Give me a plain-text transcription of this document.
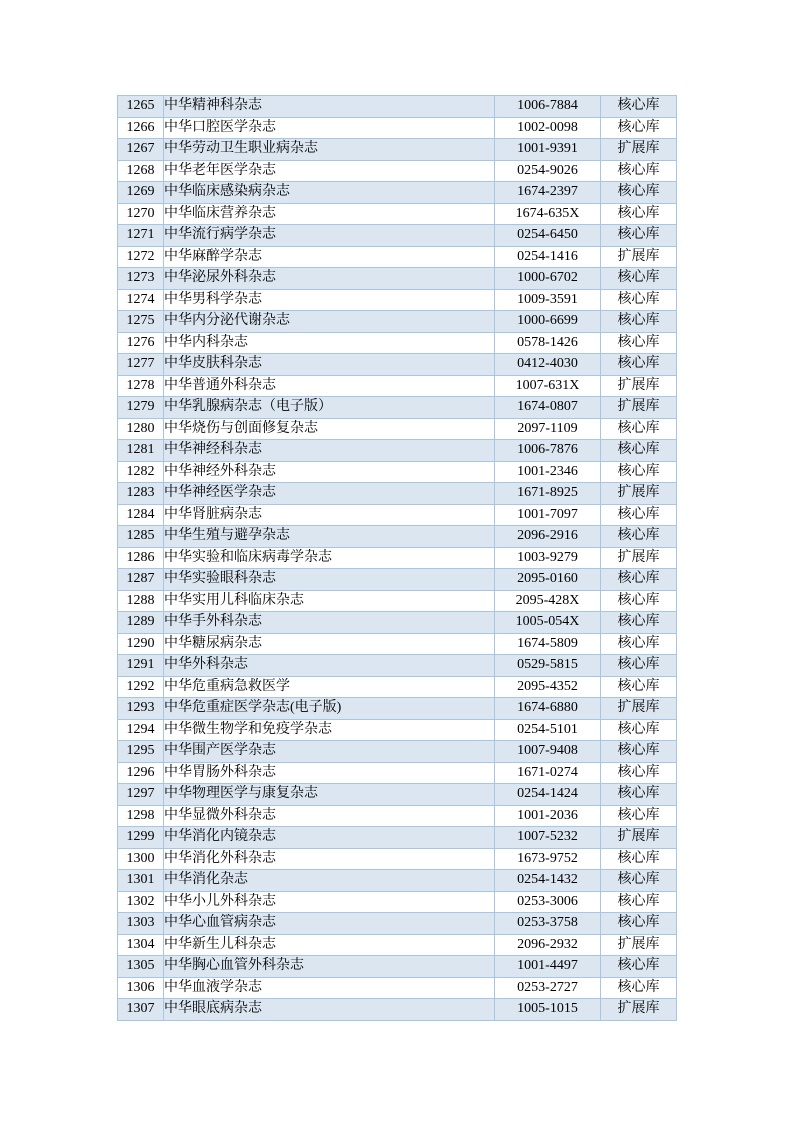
1265	中华精神科杂志	1006-7884	核心库
1266	中华口腔医学杂志	1002-0098	核心库
1267	中华劳动卫生职业病杂志	1001-9391	扩展库
1268	中华老年医学杂志	0254-9026	核心库
1269	中华临床感染病杂志	1674-2397	核心库
1270	中华临床营养杂志	1674-635X	核心库
1271	中华流行病学杂志	0254-6450	核心库
1272	中华麻醉学杂志	0254-1416	扩展库
1273	中华泌尿外科杂志	1000-6702	核心库
1274	中华男科学杂志	1009-3591	核心库
1275	中华内分泌代谢杂志	1000-6699	核心库
1276	中华内科杂志	0578-1426	核心库
1277	中华皮肤科杂志	0412-4030	核心库
1278	中华普通外科杂志	1007-631X	扩展库
1279	中华乳腺病杂志（电子版）	1674-0807	扩展库
1280	中华烧伤与创面修复杂志	2097-1109	核心库
1281	中华神经科杂志	1006-7876	核心库
1282	中华神经外科杂志	1001-2346	核心库
1283	中华神经医学杂志	1671-8925	扩展库
1284	中华肾脏病杂志	1001-7097	核心库
1285	中华生殖与避孕杂志	2096-2916	核心库
1286	中华实验和临床病毒学杂志	1003-9279	扩展库
1287	中华实验眼科杂志	2095-0160	核心库
1288	中华实用儿科临床杂志	2095-428X	核心库
1289	中华手外科杂志	1005-054X	核心库
1290	中华糖尿病杂志	1674-5809	核心库
1291	中华外科杂志	0529-5815	核心库
1292	中华危重病急救医学	2095-4352	核心库
1293	中华危重症医学杂志(电子版)	1674-6880	扩展库
1294	中华微生物学和免疫学杂志	0254-5101	核心库
1295	中华围产医学杂志	1007-9408	核心库
1296	中华胃肠外科杂志	1671-0274	核心库
1297	中华物理医学与康复杂志	0254-1424	核心库
1298	中华显微外科杂志	1001-2036	核心库
1299	中华消化内镜杂志	1007-5232	扩展库
1300	中华消化外科杂志	1673-9752	核心库
1301	中华消化杂志	0254-1432	核心库
1302	中华小儿外科杂志	0253-3006	核心库
1303	中华心血管病杂志	0253-3758	核心库
1304	中华新生儿科杂志	2096-2932	扩展库
1305	中华胸心血管外科杂志	1001-4497	核心库
1306	中华血液学杂志	0253-2727	核心库
1307	中华眼底病杂志	1005-1015	扩展库
